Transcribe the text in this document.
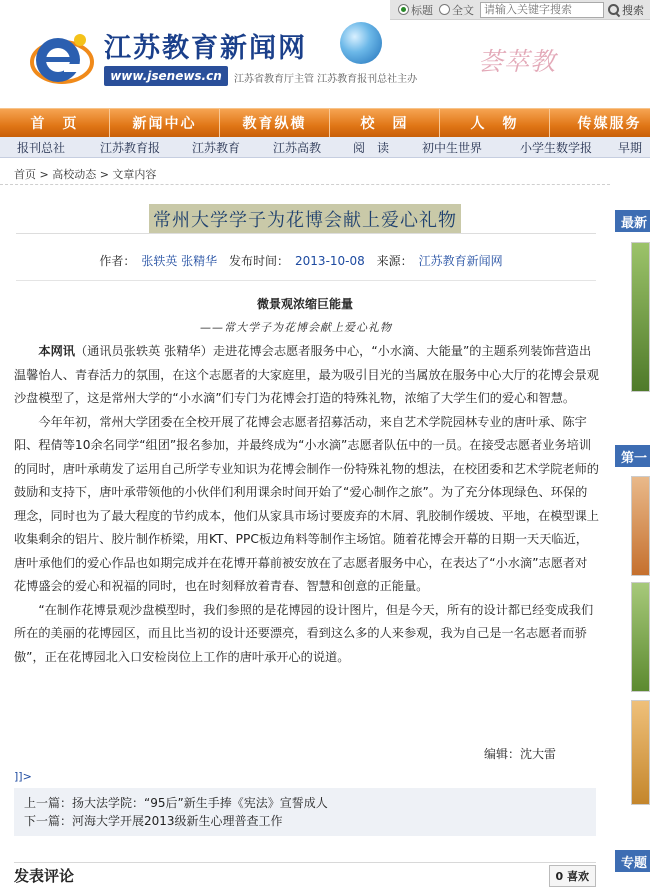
标题 全文
请输入关键字搜索	搜索
江苏教育新闻网
www.jsenews.cn	江苏省教育厅主管 江苏教育报刊总社主办
荟萃教
首　页	新闻中心	教育纵横	校　园	人　物	传媒服务
报刊总社	江苏教育报	江苏教育	江苏高教	阅　读	初中生世界	小学生数学报	早期
首页 > 高校动态 > 文章内容
常州大学学子为花博会献上爱心礼物
作者： 张轶英 张精华 发布时间： 2013-10-08 来源： 江苏教育新闻网
微景观浓缩巨能量
——常大学子为花博会献上爱心礼物

本网讯（通讯员张轶英 张精华）走进花博会志愿者服务中心，“小水滴、大能量”的主题系列装饰营造出温馨怡人、青春活力的氛围，在这个志愿者的大家庭里，最为吸引目光的当属放在服务中心大厅的花博会景观沙盘模型了，这是常州大学的“小水滴”们专门为花博会打造的特殊礼物，浓缩了大学生们的爱心和智慧。

今年年初，常州大学团委在全校开展了花博会志愿者招募活动，来自艺术学院园林专业的唐叶承、陈宇阳、程倩等10余名同学“组团”报名参加，并最终成为“小水滴”志愿者队伍中的一员。在接受志愿者业务培训的同时，唐叶承萌发了运用自己所学专业知识为花博会制作一份特殊礼物的想法，在校团委和艺术学院老师的鼓励和支持下，唐叶承带领他的小伙伴们利用课余时间开始了“爱心制作之旅”。为了充分体现绿色、环保的理念，同时也为了最大程度的节约成本，他们从家具市场讨要废弃的木屑、乳胶制作缓坡、平地，在模型课上收集剩余的铝片、胶片制作桥梁，用KT、PPC板边角料等制作主场馆。随着花博会开幕的日期一天天临近，唐叶承他们的爱心作品也如期完成并在花博开幕前被安放在了志愿者服务中心，在表达了“小水滴”志愿者对花博盛会的爱心和祝福的同时，也在时刻释放着青春、智慧和创意的正能量。

“在制作花博景观沙盘模型时，我们参照的是花博园的设计图片，但是今天，所有的设计都已经变成我们所在的美丽的花博园区，而且比当初的设计还要漂亮，看到这么多的人来参观，我为自己是一名志愿者而骄傲”，正在花博园北入口安检岗位上工作的唐叶承开心的说道。

编辑：沈大雷
]]>
上一篇：扬大法学院：“95后”新生手捧《宪法》宣誓成人
下一篇：河海大学开展2013级新生心理普查工作
发表评论	0 喜欢
最新
第一
专题
